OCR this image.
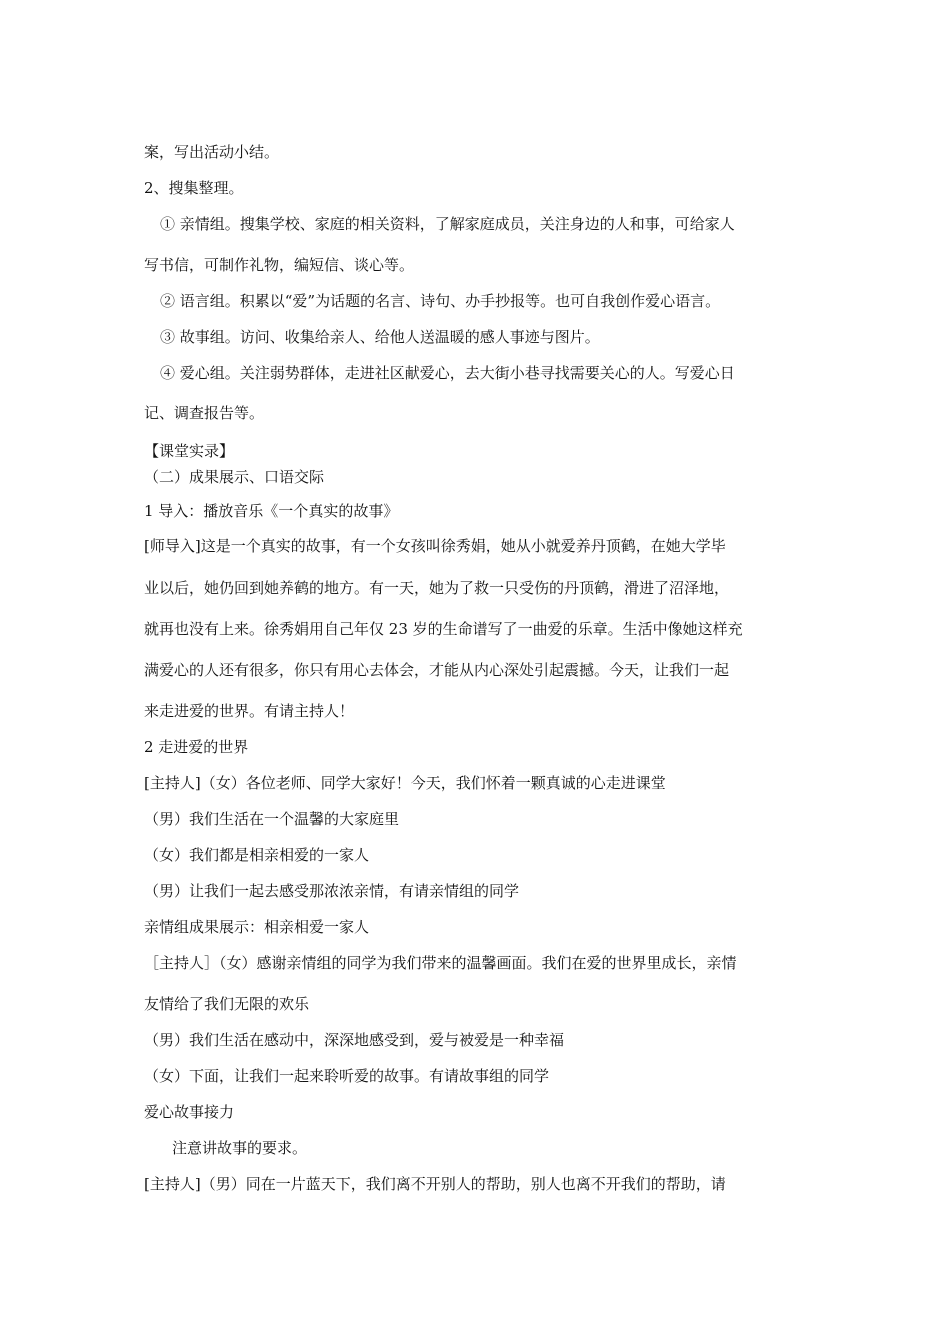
案，写出活动小结。

2、搜集整理。

① 亲情组。搜集学校、家庭的相关资料，了解家庭成员，关注身边的人和事，可给家人

写书信，可制作礼物，编短信、谈心等。

② 语言组。积累以“爱”为话题的名言、诗句、办手抄报等。也可自我创作爱心语言。

③ 故事组。访问、收集给亲人、给他人送温暖的感人事迹与图片。

④ 爱心组。关注弱势群体，走进社区献爱心，去大街小巷寻找需要关心的人。写爱心日

记、调查报告等。

【课堂实录】

（二）成果展示、口语交际

1 导入：播放音乐《一个真实的故事》

[师导入]这是一个真实的故事，有一个女孩叫徐秀娟，她从小就爱养丹顶鹤，在她大学毕

业以后，她仍回到她养鹤的地方。有一天，她为了救一只受伤的丹顶鹤，滑进了沼泽地，

就再也没有上来。徐秀娟用自己年仅 23 岁的生命谱写了一曲爱的乐章。生活中像她这样充

满爱心的人还有很多，你只有用心去体会，才能从内心深处引起震撼。今天，让我们一起

来走进爱的世界。有请主持人！

2 走进爱的世界

[主持人]（女）各位老师、同学大家好！今天，我们怀着一颗真诚的心走进课堂

（男）我们生活在一个温馨的大家庭里

（女）我们都是相亲相爱的一家人

（男）让我们一起去感受那浓浓亲情，有请亲情组的同学

亲情组成果展示：相亲相爱一家人

［主持人］（女）感谢亲情组的同学为我们带来的温馨画面。我们在爱的世界里成长，亲情

友情给了我们无限的欢乐

（男）我们生活在感动中，深深地感受到，爱与被爱是一种幸福

（女）下面，让我们一起来聆听爱的故事。有请故事组的同学

爱心故事接力

注意讲故事的要求。

[主持人]（男）同在一片蓝天下，我们离不开别人的帮助，别人也离不开我们的帮助，请
